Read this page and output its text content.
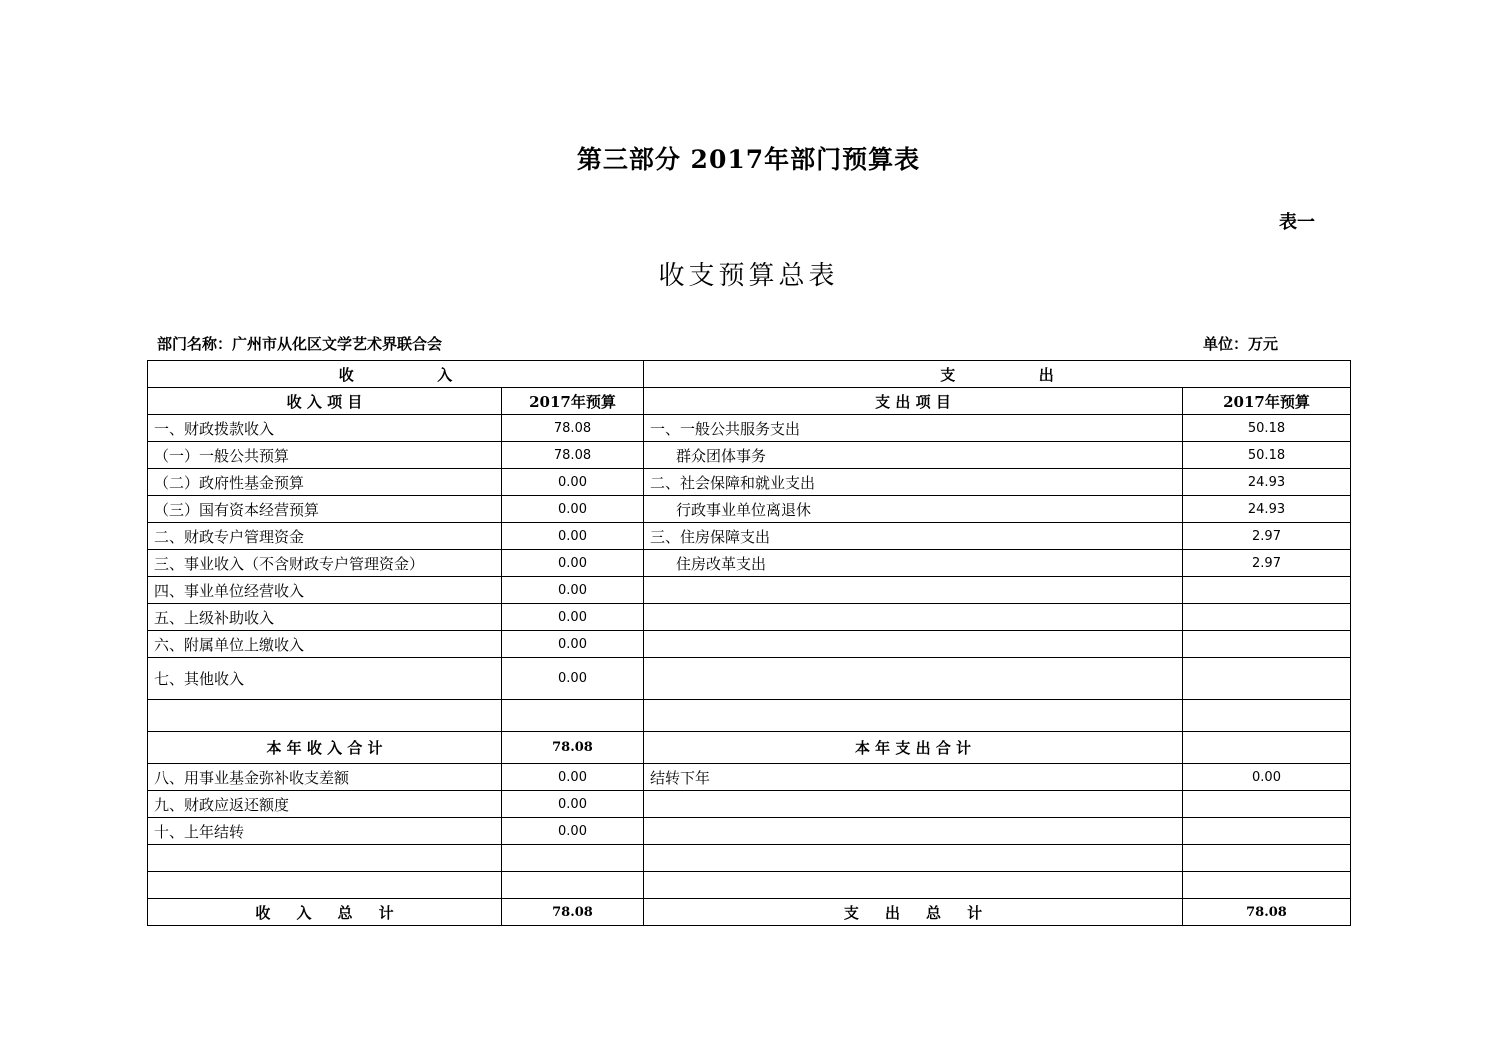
第三部分 2017年部门预算表
表一
收支预算总表
部门名称：广州市从化区文学艺术界联合会	单位：万元
收                入		支                出	
收 入 项 目	2017年预算	支 出 项 目	2017年预算
一、财政拨款收入	78.08	一、一般公共服务支出	50.18
（一）一般公共预算	78.08	群众团体事务	50.18
（二）政府性基金预算	0.00	二、社会保障和就业支出	24.93
（三）国有资本经营预算	0.00	行政事业单位离退休	24.93
二、财政专户管理资金	0.00	三、住房保障支出	2.97
三、事业收入（不含财政专户管理资金）	0.00	住房改革支出	2.97
四、事业单位经营收入	0.00		
五、上级补助收入	0.00		
六、附属单位上缴收入	0.00		
七、其他收入	0.00		

本 年 收 入 合 计	78.08	本 年 支 出 合 计	
八、用事业基金弥补收支差额	0.00	结转下年	0.00
九、财政应返还额度	0.00		
十、上年结转	0.00		

收     入     总     计	78.08	支     出     总     计	78.08
